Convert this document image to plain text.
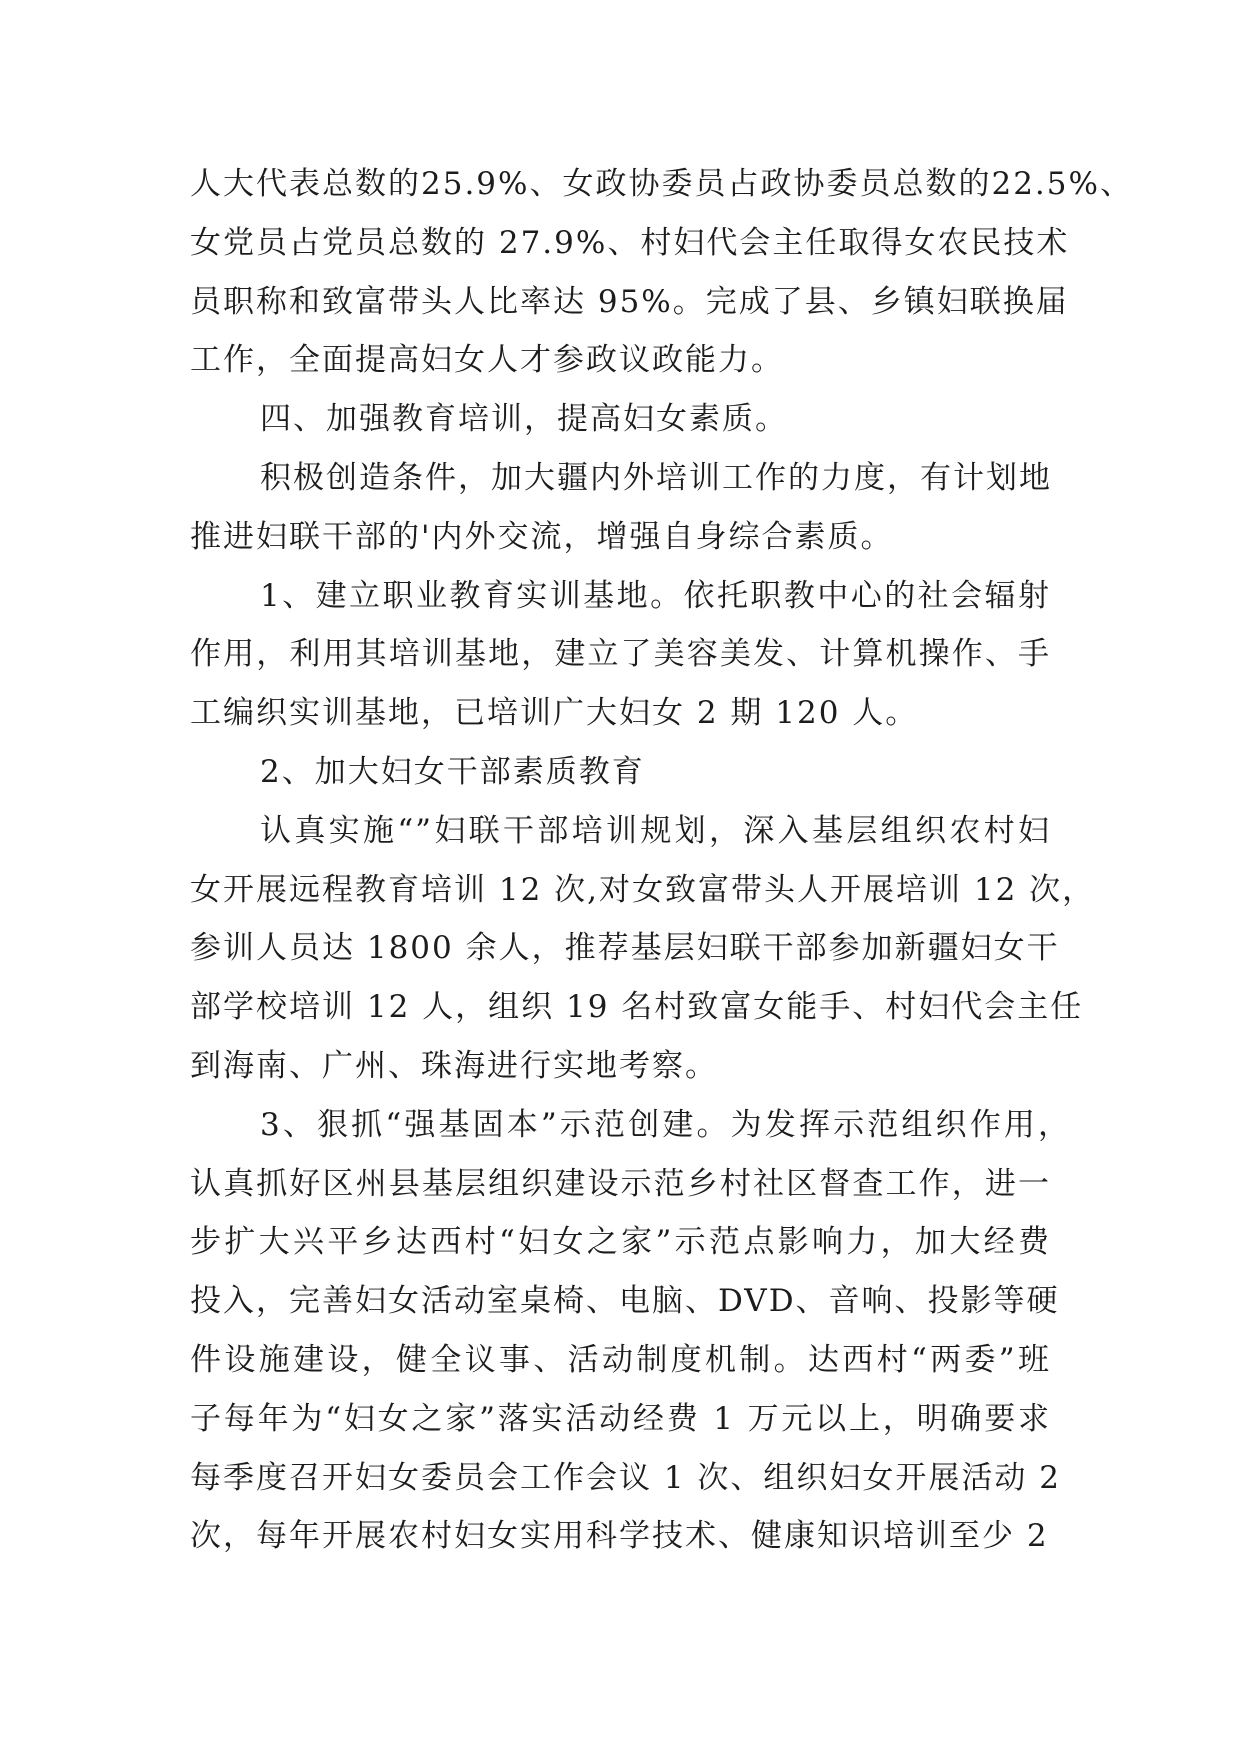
人大代表总数的25.9%、女政协委员占政协委员总数的22.5%、
女党员占党员总数的 27.9%、村妇代会主任取得女农民技术
员职称和致富带头人比率达 95%。完成了县、乡镇妇联换届
工作，全面提高妇女人才参政议政能力。
四、加强教育培训，提高妇女素质。
积极创造条件，加大疆内外培训工作的力度，有计划地
推进妇联干部的'内外交流，增强自身综合素质。
1、建立职业教育实训基地。依托职教中心的社会辐射
作用，利用其培训基地，建立了美容美发、计算机操作、手
工编织实训基地，已培训广大妇女 2 期 120 人。
2、加大妇女干部素质教育
认真实施“”妇联干部培训规划，深入基层组织农村妇
女开展远程教育培训 12 次,对女致富带头人开展培训 12 次，
参训人员达 1800 余人，推荐基层妇联干部参加新疆妇女干
部学校培训 12 人，组织 19 名村致富女能手、村妇代会主任
到海南、广州、珠海进行实地考察。
3、狠抓“强基固本”示范创建。为发挥示范组织作用，
认真抓好区州县基层组织建设示范乡村社区督查工作，进一
步扩大兴平乡达西村“妇女之家”示范点影响力，加大经费
投入，完善妇女活动室桌椅、电脑、DVD、音响、投影等硬
件设施建设，健全议事、活动制度机制。达西村“两委”班
子每年为“妇女之家”落实活动经费 1 万元以上，明确要求
每季度召开妇女委员会工作会议 1 次、组织妇女开展活动 2
次，每年开展农村妇女实用科学技术、健康知识培训至少 2
